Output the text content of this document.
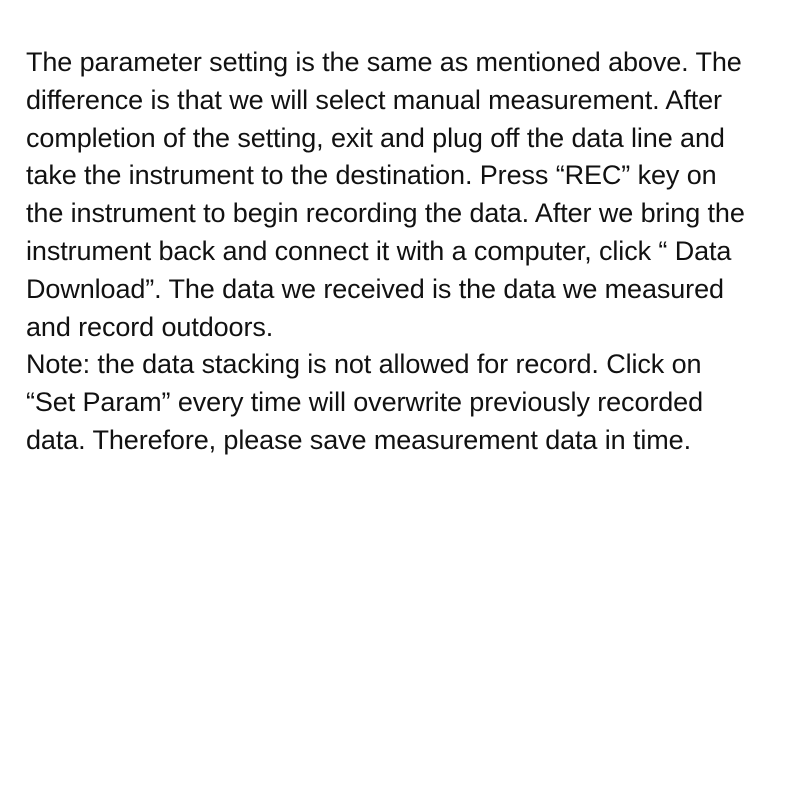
The parameter setting is the same as mentioned above. The
difference is that we will select manual measurement. After
completion of the setting, exit and plug off the data line and
take the instrument to the destination. Press “REC” key on
the instrument to begin recording the data. After we bring the
instrument back and connect it with a computer, click “ Data
Download”. The data we received is the data we measured
and record outdoors.
Note: the data stacking is not allowed for record. Click on
“Set Param” every time will overwrite previously recorded
data. Therefore, please save measurement data in time.
